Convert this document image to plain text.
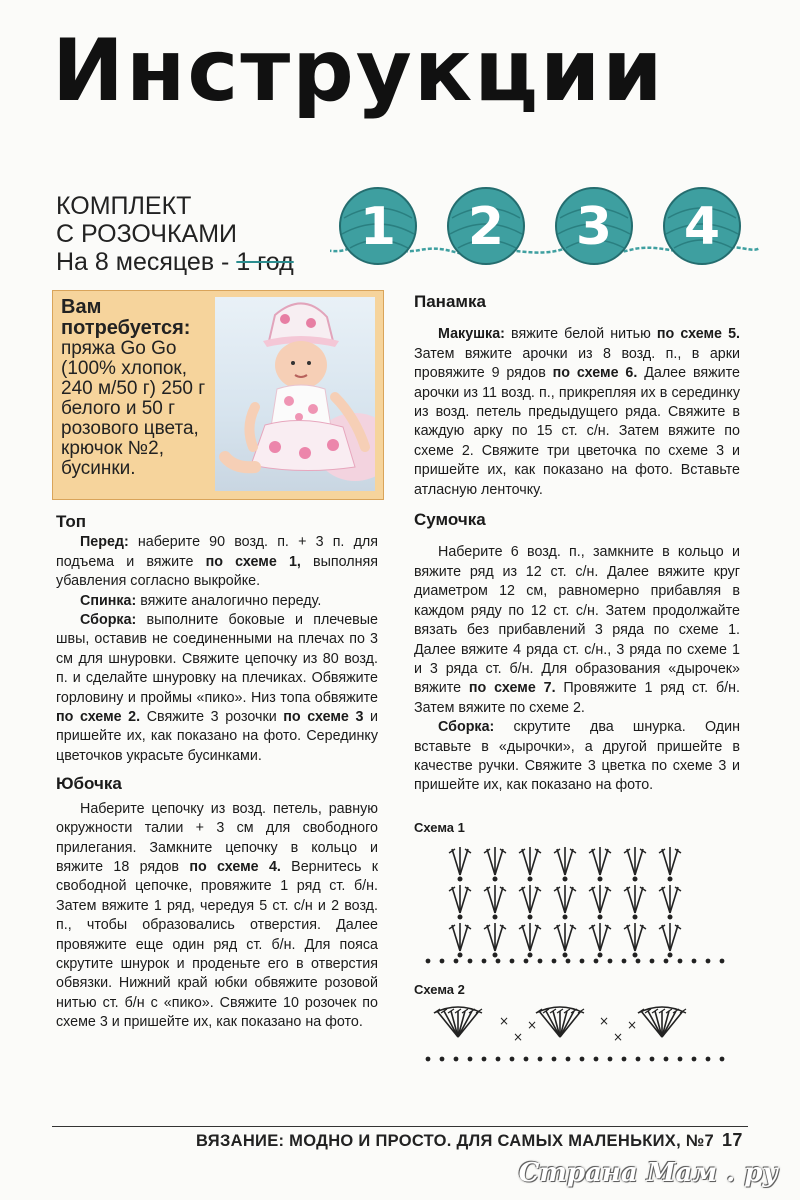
Инструкции
КОМПЛЕКТ
С РОЗОЧКАМИ
На 8 месяцев - 1 год
1 2 3 4
Вам потребуется:
пряжа Go Go (100% хлопок, 240 м/50 г) 250 г белого и 50 г розового цвета, крючок №2, бусинки.
Топ

Перед: наберите 90 возд. п. + 3 п. для подъема и вяжите по схеме 1, выполняя убавления согласно выкройке.

Спинка: вяжите аналогично переду.

Сборка: выполните боковые и плечевые швы, оставив не соединенными на плечах по 3 см для шнуровки. Свяжите цепочку из 80 возд. п. и сделайте шнуровку на плечиках. Обвяжите горловину и проймы «пико». Низ топа обвяжите по схеме 2. Свяжите 3 розочки по схеме 3 и пришейте их, как показано на фото. Серединку цветочков украсьте бусинками.

Юбочка

Наберите цепочку из возд. петель, равную окружности талии + 3 см для свободного прилегания. Замкните цепочку в кольцо и вяжите 18 рядов по схеме 4. Вернитесь к свободной цепочке, провяжите 1 ряд ст. б/н. Затем вяжите 1 ряд, чередуя 5 ст. с/н и 2 возд. п., чтобы образовались отверстия. Далее провяжите еще один ряд ст. б/н. Для пояса скрутите шнурок и проденьте его в отверстия обвязки. Нижний край юбки обвяжите розовой нитью ст. б/н с «пико». Свяжите 10 розочек по схеме 3 и пришейте их, как показано на фото.

Панамка

Макушка: вяжите белой нитью по схеме 5. Затем вяжите арочки из 8 возд. п., в арки провяжите 9 рядов по схеме 6. Далее вяжите арочки из 11 возд. п., прикрепляя их в серединку из возд. петель предыдущего ряда. Свяжите в каждую арку по 15 ст. с/н. Затем вяжите по схеме 2. Свяжите три цветочка по схеме 3 и пришейте их, как показано на фото. Вставьте атласную ленточку.

Сумочка

Наберите 6 возд. п., замкните в кольцо и вяжите ряд из 12 ст. с/н. Далее вяжите круг диаметром 12 см, равномерно прибавляя в каждом ряду по 12 ст. с/н. Затем продолжайте вязать без прибавлений 3 ряда по схеме 1. Далее вяжите 4 ряда ст. с/н., 3 ряда по схеме 1 и 3 ряда ст. б/н. Для образования «дырочек» вяжите по схеме 7. Провяжите 1 ряд ст. б/н. Затем вяжите по схеме 2.

Сборка: скрутите два шнурка. Один вставьте в «дырочки», а другой пришейте в качестве ручки. Свяжите 3 цветка по схеме 3 и пришейте их, как показано на фото.

Схема 1

Схема 2

×
×
×	×
×
×
ВЯЗАНИЕ: МОДНО И ПРОСТО. ДЛЯ САМЫХ МАЛЕНЬКИХ, №7 17
Страна Мам . ру
